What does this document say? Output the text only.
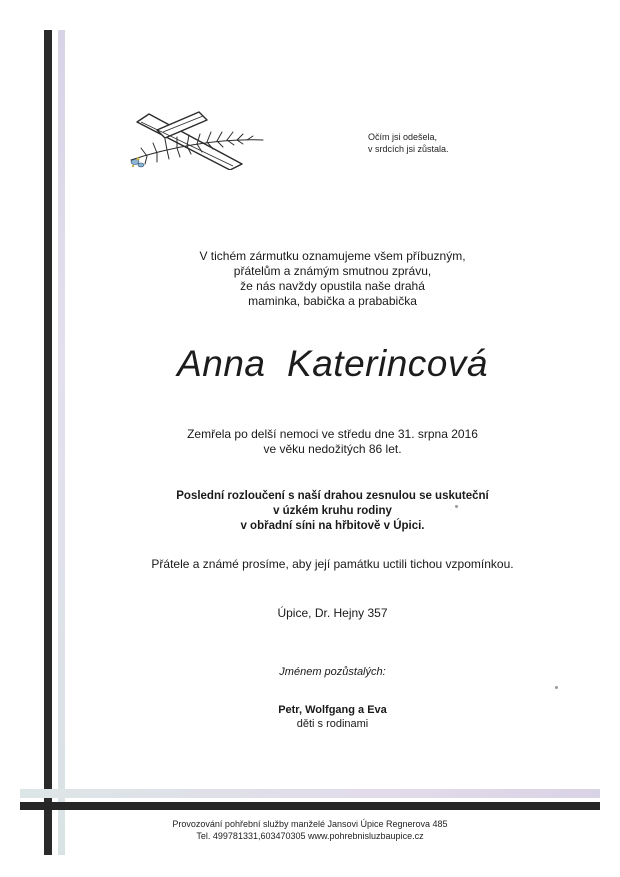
Očím jsi odešela,
v srdcích jsi zůstala.
V tichém zármutku oznamujeme všem příbuzným,
přátelům a známým smutnou zprávu,
že nás navždy opustila naše drahá
maminka, babička a prababička
Anna  Katerincová
Zemřela po delší nemoci ve středu dne 31. srpna 2016
ve věku nedožitých 86 let.
Poslední rozloučení s naší drahou zesnulou se uskuteční
v úzkém kruhu rodiny
v obřadní síni na hřbitově v Úpici.
Přátele a známé prosíme, aby její památku uctili tichou vzpomínkou.
Úpice, Dr. Hejny 357
Jménem pozůstalých:
Petr, Wolfgang a Eva
děti s rodinami
Provozování pohřební služby manželé Jansovi Úpice Regnerova 485
Tel. 499781331,603470305 www.pohrebnisluzbaupice.cz
